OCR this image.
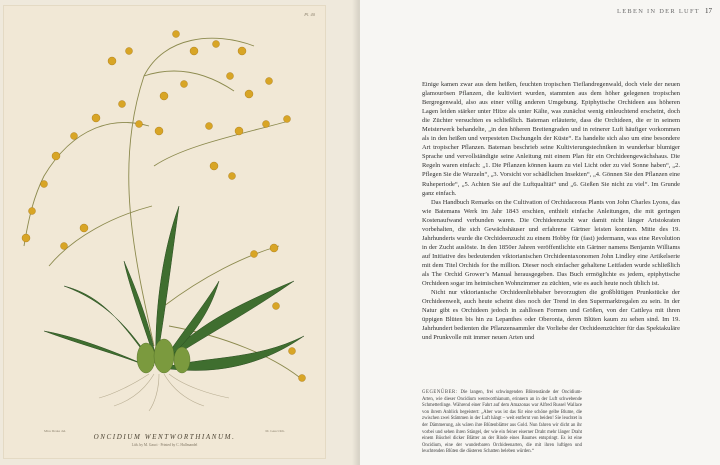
Pl. 40
Miss Drake del.	M. Gauci lith.
ONCIDIUM WENTWORTHIANUM.
Lith. by M. Gauci · Printed by C. Hullmandel
LEBEN IN DER LUFT 17

Einige kamen zwar aus dem heißen, feuchten tropischen Tieflandregenwald, doch viele der neuen glamourösen Pflanzen, die kultiviert wurden, stammten aus dem höher gelegenen tropischen Bergregenwald, also aus einer völlig anderen Umgebung. Epiphytische Orchideen aus höheren Lagen leiden stärker unter Hitze als unter Kälte, was zunächst wenig einleuchtend erscheint, doch die Züchter versuchten es schließlich. Bateman erläuterte, dass die Orchideen, die er in seinem Meisterwerk behandelte, „in den höheren Breitengraden und in reinerer Luft häufiger vorkommen als in den heißen und verpesteten Dschungeln der Küste“. Es handelte sich also um eine besondere Art tropischer Pflanzen. Bateman beschrieb seine Kultivierungstechniken in wunderbar blumiger Sprache und vervollständigte seine Anleitung mit einem Plan für ein Orchideengewächshaus. Die Regeln waren einfach: „1. Die Pflanzen können kaum zu viel Licht oder zu viel Sonne haben“, „2. Pflegen Sie die Wurzeln“, „3. Vorsicht vor schädlichen Insekten“, „4. Gönnen Sie den Pflanzen eine Ruheperiode“, „5. Achten Sie auf die Luftqualität“ und „6. Gießen Sie nicht zu viel“. Im Grunde ganz einfach.

Das Handbuch Remarks on the Cultivation of Orchidaceous Plants von John Charles Lyons, das wie Batemans Werk im Jahr 1843 erschien, enthielt einfache Anleitungen, die mit geringen Kostenaufwand verbunden waren. Die Orchideenzucht war damit nicht länger Aristokraten vorbehalten, die sich Gewächshäuser und erfahrene Gärtner leisten konnten. Mitte des 19. Jahrhunderts wurde die Orchideenzucht zu einem Hobby für (fast) jedermann, was eine Revolution in der Zucht auslöste. In den 1850er Jahren veröffentlichte ein Gärtner namens Benjamin Williams auf Initiative des bedeutenden viktorianischen Orchideentaxonomen John Lindley eine Artikelserie mit dem Titel Orchids for the million. Dieser noch einfacher gehaltene Leitfaden wurde schließlich als The Orchid Grower’s Manual herausgegeben. Das Buch ermöglichte es jedem, epiphytische Orchideen sogar im heimischen Wohnzimmer zu züchten, wie es auch heute noch üblich ist.

Nicht nur viktorianische Orchideenliebhaber bevorzugten die großblütigen Prunkstücke der Orchideenwelt, auch heute scheint dies noch der Trend in den Supermarktregalen zu sein. In der Natur gibt es Orchideen jedoch in zahllosen Formen und Größen, von der Cattleya mit ihren üppigen Blüten bis hin zu Lepanthes oder Oberonia, deren Blüten kaum zu sehen sind. Im 19. Jahrhundert bedienten die Pflanzensammler die Vorliebe der Orchideenzüchter für das Spektakuläre und Prunkvolle mit immer neuen Arten und

GEGENÜBER: Die langen, frei schwingenden Blütenstände der Oncidium-Arten, wie dieser Oncidium wentworthianum, erinnern an in der Luft schwebende Schmetterlinge. Während einer Fahrt auf dem Amazonas war Alfred Russel Wallace von ihrem Anblick begeistert: „Aber was ist das für eine schöne gelbe Blume, die zwischen zwei Stämmen in der Luft hängt – weit entfernt von beiden! Sie leuchtet in der Dämmerung, als wären ihre Blütenblätter aus Gold. Nun fahren wir dicht an ihr vorbei und sehen ihren Stängel, der wie ein feiner eiserner Draht mehr länger Draht einem Büschel dicker Blätter an der Rinde eines Baumes entspringt. Es ist eine Oncidium, eine der wunderbaren Orchideenarten, die mit ihren luftigen und leuchtenden Blüten die düsteren Schatten beleben würden.“
